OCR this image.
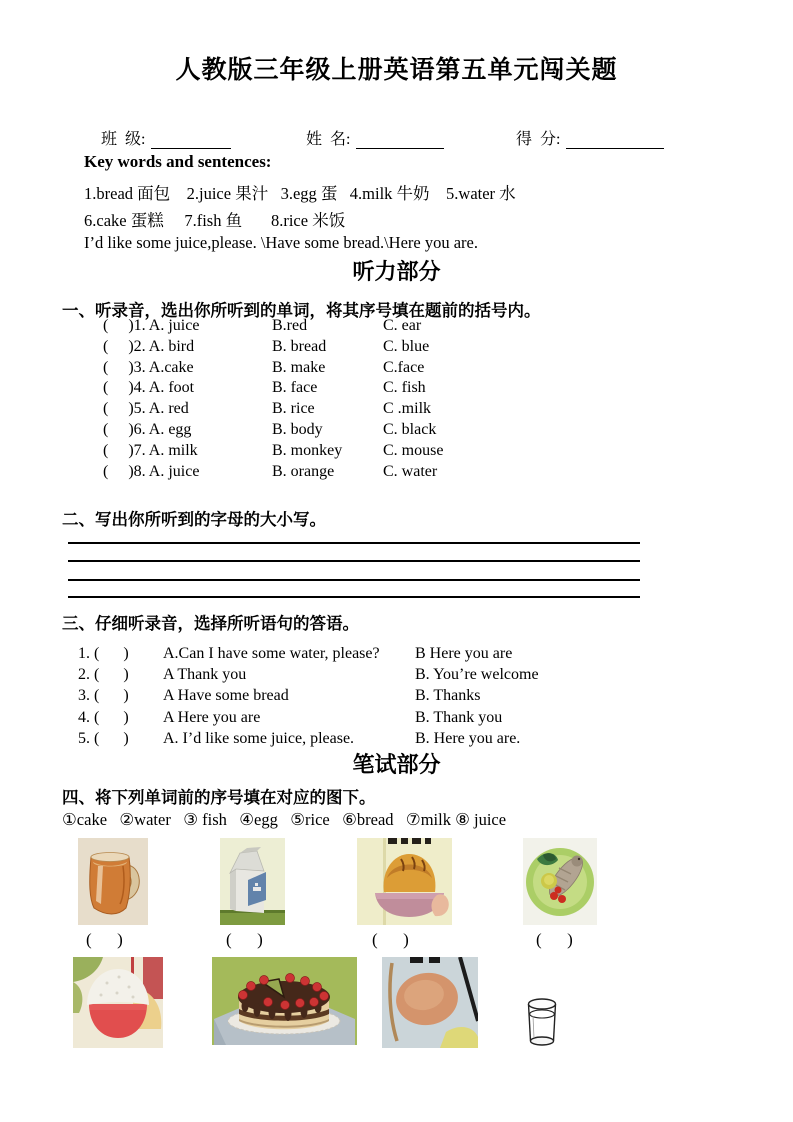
人教版三年级上册英语第五单元闯关题

班  级:
	姓  名:
	得  分:

Key words and sentences:
1.bread 面包    2.juice 果汁   3.egg 蛋   4.milk 牛奶    5.water 水
6.cake 蛋糕     7.fish 鱼       8.rice 米饭
I’d like some juice,please. \Have some bread.\Here you are.
听力部分
一、听录音，选出你所听到的单词，将其序号填在题前的括号内。
(     )1. A. juice	B.red	C. ear
(     )2. A. bird	B. bread	C. blue
(     )3. A.cake	B. make	C.face
(     )4. A. foot	B. face	C. fish
(     )5. A. red	B. rice	C .milk
(     )6. A. egg	B. body	C. black
(     )7. A. milk	B. monkey	C. mouse
(     )8. A. juice	B. orange	C. water
二、写出你所听到的字母的大小写。
三、仔细听录音，选择所听语句的答语。
1. (      )	A.Can I have some water, please?	B Here you are
2. (      )	A Thank you	B. You’re welcome
3. (      )	A Have some bread	B. Thanks
4. (      )	A Here you are	B. Thank you
5. (      )	A. I’d like some juice, please.	B. Here you are.
笔试部分
四、将下列单词前的序号填在对应的图下。
①cake   ②water   ③ fish   ④egg   ⑤rice   ⑥bread   ⑦milk ⑧ juice
(      )	(      )	(      )	(      )
